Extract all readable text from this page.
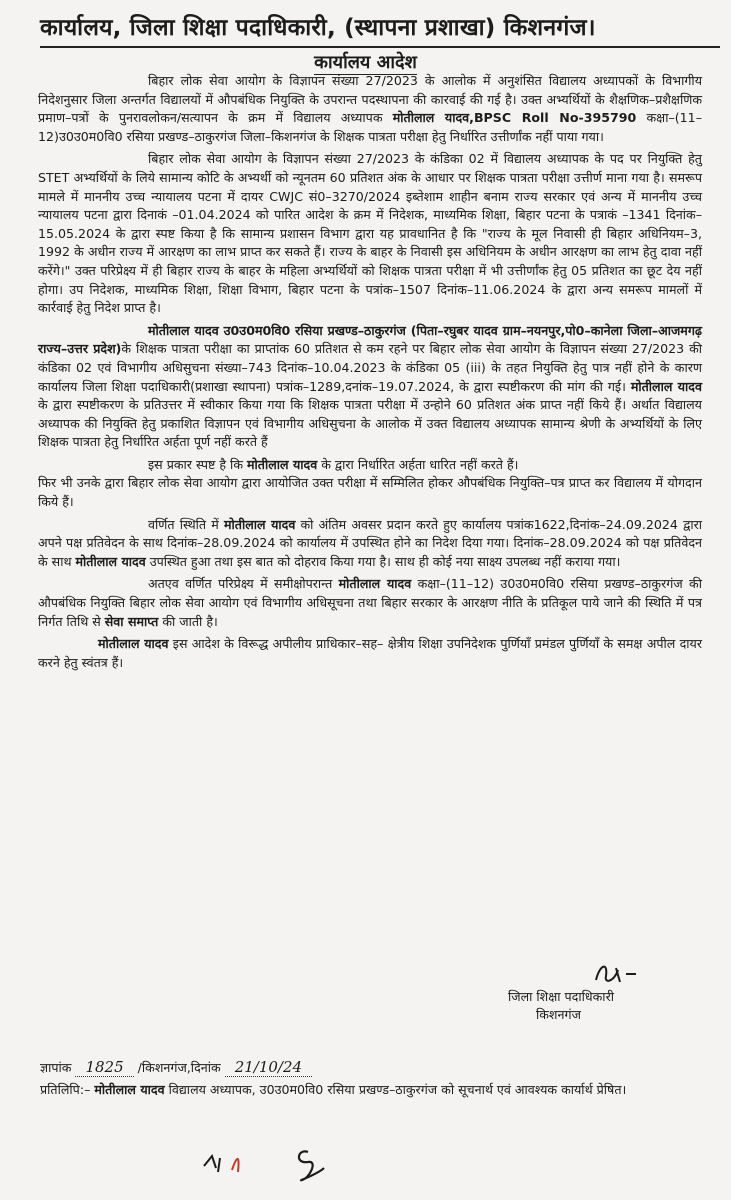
कार्यालय, जिला शिक्षा पदाधिकारी, (स्थापना प्रशाखा) किशनगंज।
कार्यालय आदेश

बिहार लोक सेवा आयोग के विज्ञापन संख्या 27/2023 के आलोक में अनुशंसित विद्यालय अध्यापकों के विभागीय निदेशनुसार जिला अन्तर्गत विद्यालयों में औपबंधिक नियुक्ति के उपरान्त पदस्थापना की कारवाई की गई है। उक्त अभ्यर्थियों के शैक्षणिक–प्रशैक्षणिक प्रमाण–पत्रों के पुनरावलोकन/सत्यापन के क्रम में विद्यालय अध्यापक मोतीलाल यादव,BPSC Roll No-395790 कक्षा–(11–12)उ0उ0म0वि0 रसिया प्रखण्ड–ठाकुरगंज जिला–किशनगंज के शिक्षक पात्रता परीक्षा हेतु निर्धारित उत्तीर्णांक नहीं पाया गया।

बिहार लोक सेवा आयोग के विज्ञापन संख्या 27/2023 के कंडिका 02 में विद्यालय अध्यापक के पद पर नियुक्ति हेतु STET अभ्यर्थियों के लिये सामान्य कोटि के अभ्यर्थी को न्यूनतम 60 प्रतिशत अंक के आधार पर शिक्षक पात्रता परीक्षा उत्तीर्ण माना गया है। समरूप मामले में माननीय उच्च न्यायालय पटना में दायर CWJC सं0–3270/2024 इब्तेशाम शाहीन बनाम राज्य सरकार एवं अन्य में माननीय उच्च न्यायालय पटना द्वारा दिनाकं –01.04.2024 को पारित आदेश के क्रम में निदेशक, माध्यमिक शिक्षा, बिहार पटना के पत्राकं –1341 दिनांक–15.05.2024 के द्वारा स्पष्ट किया है कि सामान्य प्रशासन विभाग द्वारा यह प्रावधानित है कि "राज्य के मूल निवासी ही बिहार अधिनियम–3, 1992 के अधीन राज्य में आरक्षण का लाभ प्राप्त कर सकते हैं। राज्य के बाहर के निवासी इस अधिनियम के अधीन आरक्षण का लाभ हेतु दावा नहीं करेंगे।" उक्त परिप्रेक्ष्य में ही बिहार राज्य के बाहर के महिला अभ्यर्थियों को शिक्षक पात्रता परीक्षा में भी उत्तीर्णांक हेतु 05 प्रतिशत का छूट देय नहीं होगा। उप निदेशक, माध्यमिक शिक्षा, शिक्षा विभाग, बिहार पटना के पत्रांक–1507 दिनांक–11.06.2024 के द्वारा अन्य समरूप मामलों में कार्रवाई हेतु निदेश प्राप्त है।

मोतीलाल यादव उ0उ0म0वि0 रसिया प्रखण्ड–ठाकुरगंज (पिता–रघुबर यादव ग्राम–नयनपुर,पो0–कानेला जिला–आजमगढ़ राज्य–उत्तर प्रदेश)के शिक्षक पात्रता परीक्षा का प्राप्तांक 60 प्रतिशत से कम रहने पर बिहार लोक सेवा आयोग के विज्ञापन संख्या 27/2023 की कंडिका 02 एवं विभागीय अधिसुचना संख्या–743 दिनांक–10.04.2023 के कंडिका 05 (iii) के तहत नियुक्ति हेतु पात्र नहीं होने के कारण कार्यालय जिला शिक्षा पदाधिकारी(प्रशाखा स्थापना) पत्रांक–1289,दनांक–19.07.2024, के द्वारा स्पष्टीकरण की मांग की गई। मोतीलाल यादव के द्वारा स्पष्टीकरण के प्रतिउत्तर में स्वीकार किया गया कि शिक्षक पात्रता परीक्षा में उन्होने 60 प्रतिशत अंक प्राप्त नहीं किये हैं। अर्थात विद्यालय अध्यापक की नियुक्ति हेतु प्रकाशित विज्ञापन एवं विभागीय अधिसुचना के आलोक में उक्त विद्यालय अध्यापक सामान्य श्रेणी के अभ्यर्थियों के लिए शिक्षक पात्रता हेतु निर्धारित अर्हता पूर्ण नहीं करते हैं

इस प्रकार स्पष्ट है कि मोतीलाल यादव के द्वारा निर्धारित अर्हता धारित नहीं करते हैं।

फिर भी उनके द्वारा बिहार लोक सेवा आयोग द्वारा आयोजित उक्त परीक्षा में सम्मिलित होकर औपबंधिक नियुक्ति–पत्र प्राप्त कर विद्यालय में योगदान किये हैं।

वर्णित स्थिति में मोतीलाल यादव को अंतिम अवसर प्रदान करते हुए कार्यालय पत्रांक1622,दिनांक–24.09.2024 द्वारा अपने पक्ष प्रतिवेदन के साथ दिनांक–28.09.2024 को कार्यालय में उपस्थित होने का निदेश दिया गया। दिनांक–28.09.2024 को पक्ष प्रतिवेदन के साथ मोतीलाल यादव उपस्थित हुआ तथा इस बात को दोहराव किया गया है। साथ ही कोई नया साक्ष्य उपलब्ध नहीं कराया गया।

अतएव वर्णित परिप्रेक्ष्य में समीक्षोपरान्त मोतीलाल यादव कक्षा–(11–12) उ0उ0म0वि0 रसिया प्रखण्ड–ठाकुरगंज की औपबंधिक नियुक्ति बिहार लोक सेवा आयोग एवं विभागीय अधिसूचना तथा बिहार सरकार के आरक्षण नीति के प्रतिकूल पाये जाने की स्थिति में पत्र निर्गत तिथि से सेवा समाप्त की जाती है।

मोतीलाल यादव इस आदेश के विरूद्ध अपीलीय प्राधिकार–सह– क्षेत्रीय शिक्षा उपनिदेशक पुर्णियाँ प्रमंडल पुर्णियाँ के समक्ष अपील दायर करने हेतु स्वंतत्र हैं।

जिला शिक्षा पदाधिकारी
किशनगंज
ज्ञापांक 1825 /किशनगंज,दिनांक 21/10/24
प्रतिलिपि:– मोतीलाल यादव विद्यालय अध्यापक, उ0उ0म0वि0 रसिया प्रखण्ड–ठाकुरगंज को सूचनार्थ एवं आवश्यक कार्यार्थ प्रेषित।
